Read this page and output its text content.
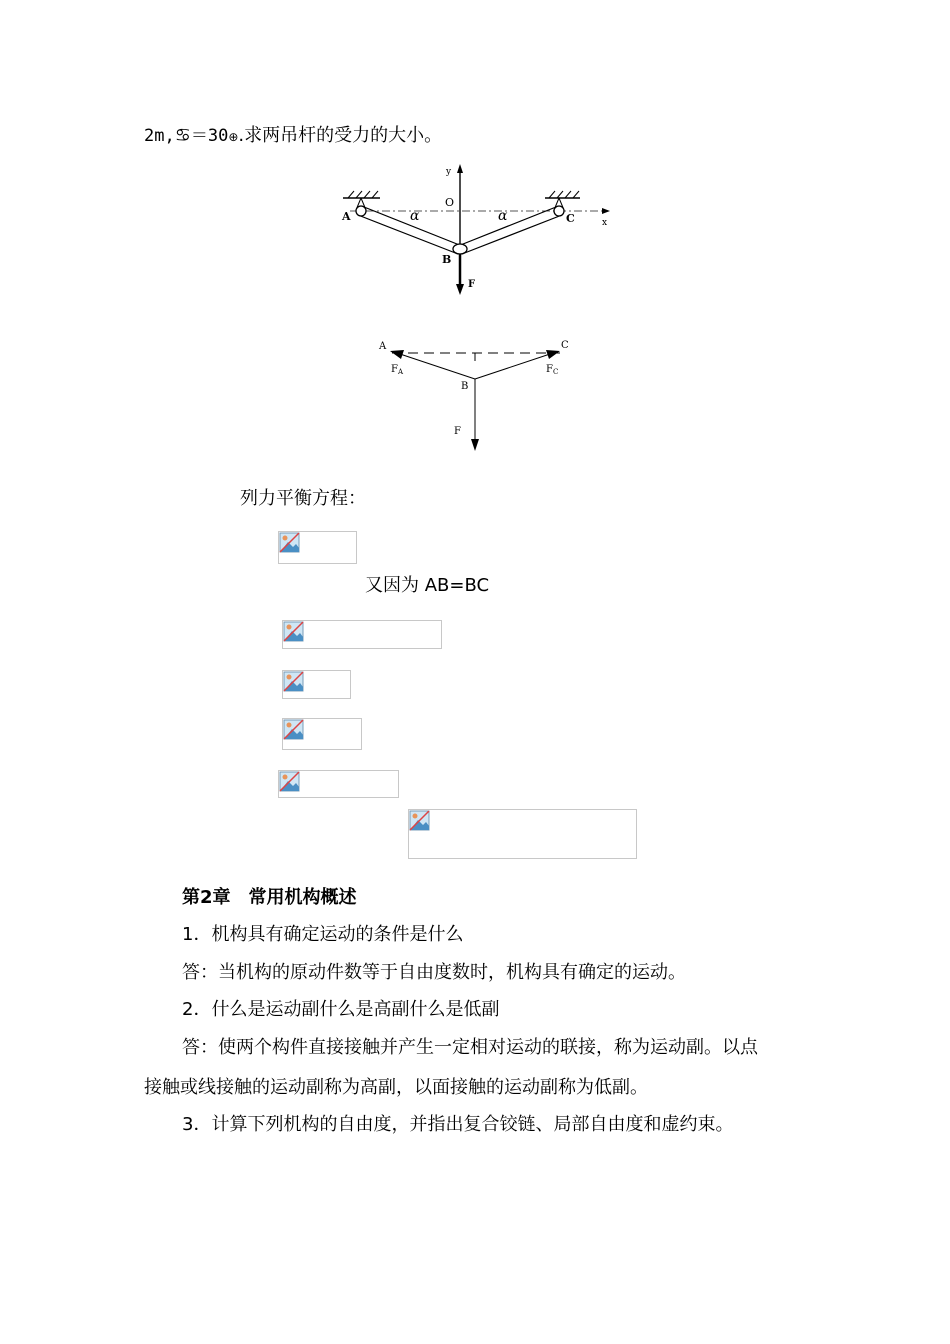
2m,♋＝30⊕.求两吊杆的受力的大小。
y
O
x
A	C
B
α	α
F
A	C
B
$F_A$	$F_C$
F
列力平衡方程：
又因为 AB=BC
第2章　常用机构概述
1．机构具有确定运动的条件是什么
答：当机构的原动件数等于自由度数时，机构具有确定的运动。
2．什么是运动副什么是高副什么是低副
答：使两个构件直接接触并产生一定相对运动的联接，称为运动副。以点
接触或线接触的运动副称为高副，以面接触的运动副称为低副。
3．计算下列机构的自由度，并指出复合铰链、局部自由度和虚约束。
